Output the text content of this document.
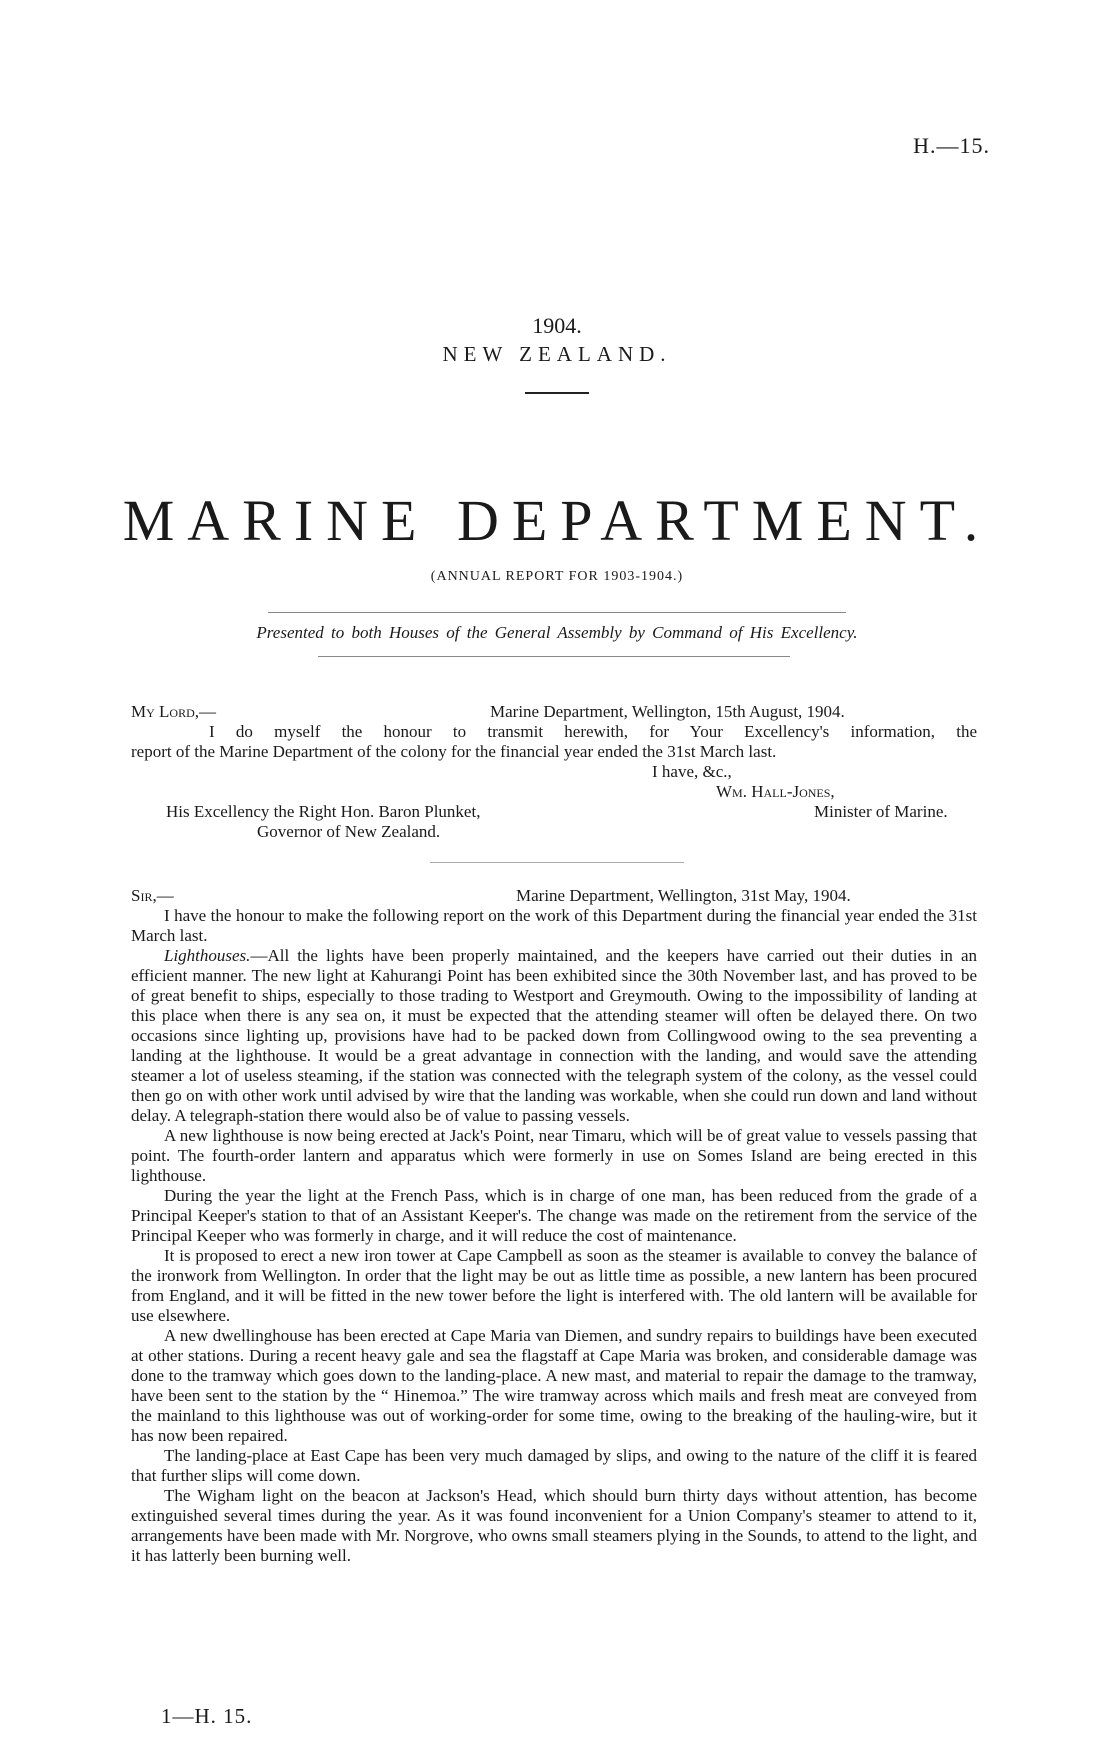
H.—15.
1904.
NEW ZEALAND.
MARINE DEPARTMENT.
(ANNUAL REPORT FOR 1903-1904.)
Presented to both Houses of the General Assembly by Command of His Excellency.
My Lord,—	Marine Department, Wellington, 15th August, 1904.
I do myself the honour to transmit herewith, for Your Excellency's information, the
report of the Marine Department of the colony for the financial year ended the 31st March last.
I have, &c.,
Wm. Hall-Jones,
His Excellency the Right Hon. Baron Plunket,	Minister of Marine.
Governor of New Zealand.
Sir,—	Marine Department, Wellington, 31st May, 1904.

I have the honour to make the following report on the work of this Department during the financial year ended the 31st March last.

Lighthouses.—All the lights have been properly maintained, and the keepers have carried out their duties in an efficient manner. The new light at Kahurangi Point has been exhibited since the 30th November last, and has proved to be of great benefit to ships, especially to those trading to Westport and Greymouth. Owing to the impossibility of landing at this place when there is any sea on, it must be expected that the attending steamer will often be delayed there. On two occasions since lighting up, provisions have had to be packed down from Collingwood owing to the sea preventing a landing at the lighthouse. It would be a great advantage in connection with the landing, and would save the attending steamer a lot of useless steaming, if the station was connected with the telegraph system of the colony, as the vessel could then go on with other work until advised by wire that the landing was workable, when she could run down and land without delay. A telegraph-station there would also be of value to passing vessels.

A new lighthouse is now being erected at Jack's Point, near Timaru, which will be of great value to vessels passing that point. The fourth-order lantern and apparatus which were formerly in use on Somes Island are being erected in this lighthouse.

During the year the light at the French Pass, which is in charge of one man, has been reduced from the grade of a Principal Keeper's station to that of an Assistant Keeper's. The change was made on the retirement from the service of the Principal Keeper who was formerly in charge, and it will reduce the cost of maintenance.

It is proposed to erect a new iron tower at Cape Campbell as soon as the steamer is available to convey the balance of the ironwork from Wellington. In order that the light may be out as little time as possible, a new lantern has been procured from England, and it will be fitted in the new tower before the light is interfered with. The old lantern will be available for use elsewhere.

A new dwellinghouse has been erected at Cape Maria van Diemen, and sundry repairs to buildings have been executed at other stations. During a recent heavy gale and sea the flagstaff at Cape Maria was broken, and considerable damage was done to the tramway which goes down to the landing-place. A new mast, and material to repair the damage to the tramway, have been sent to the station by the “ Hinemoa.” The wire tramway across which mails and fresh meat are conveyed from the mainland to this lighthouse was out of working-order for some time, owing to the breaking of the hauling-wire, but it has now been repaired.

The landing-place at East Cape has been very much damaged by slips, and owing to the nature of the cliff it is feared that further slips will come down.

The Wigham light on the beacon at Jackson's Head, which should burn thirty days without attention, has become extinguished several times during the year. As it was found inconvenient for a Union Company's steamer to attend to it, arrangements have been made with Mr. Norgrove, who owns small steamers plying in the Sounds, to attend to the light, and it has latterly been burning well.

1—H. 15.
